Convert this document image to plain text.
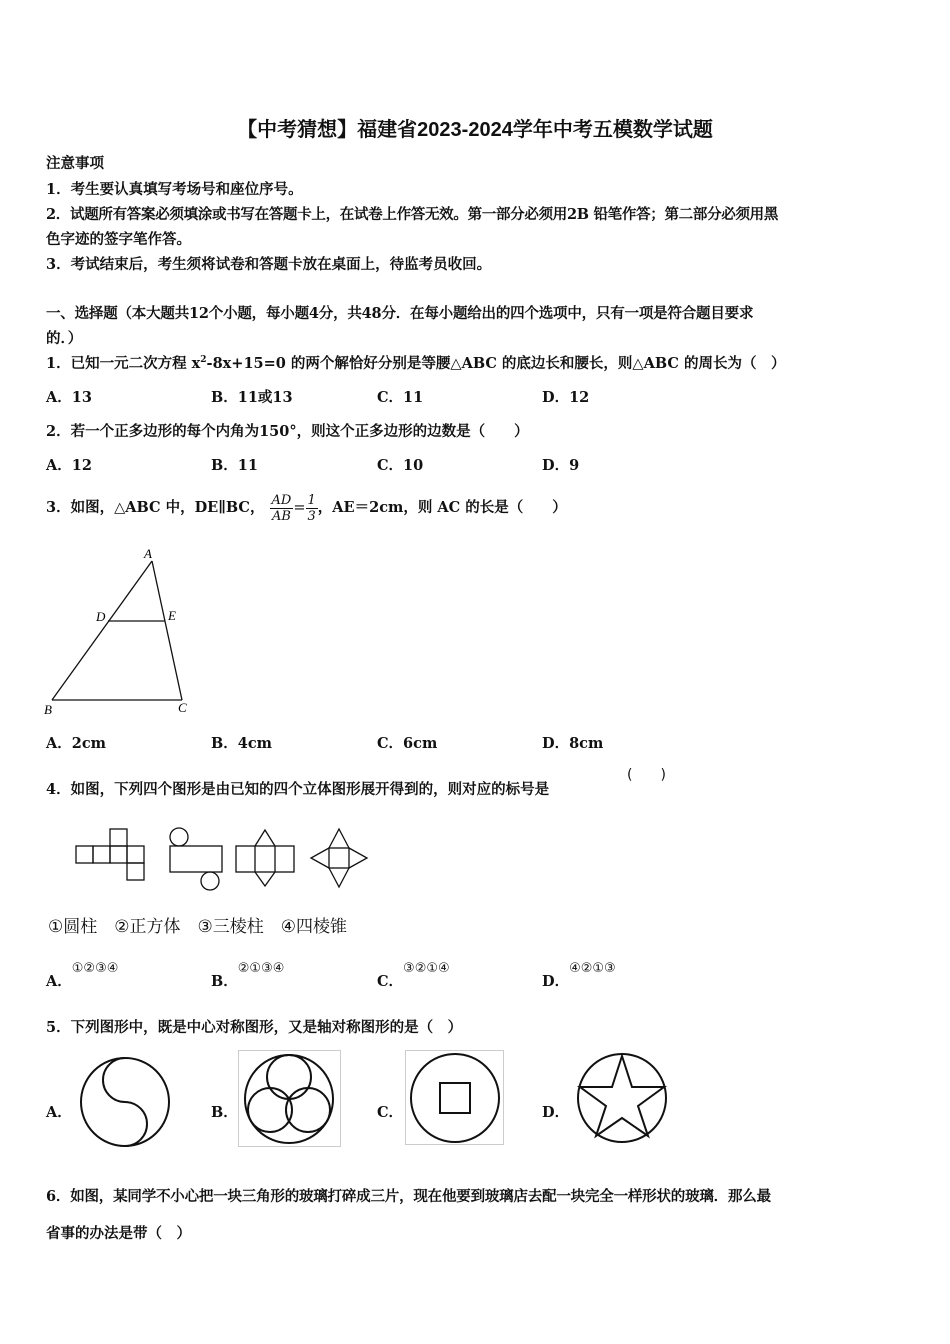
【中考猜想】福建省2023-2024学年中考五模数学试题
注意事项
1．考生要认真填写考场号和座位序号。
2．试题所有答案必须填涂或书写在答题卡上，在试卷上作答无效。第一部分必须用2B 铅笔作答；第二部分必须用黑
色字迹的签字笔作答。
3．考试结束后，考生须将试卷和答题卡放在桌面上，待监考员收回。
一、选择题（本大题共12个小题，每小题4分，共48分．在每小题给出的四个选项中，只有一项是符合题目要求
的．）
1．已知一元二次方程 $x^2-8x+15=0$ 的两个解恰好分别是等腰△ABC 的底边长和腰长，则△ABC 的周长为（　）
A．13	B．11或13	C．11	D．12
2．若一个正多边形的每个内角为150°，则这个正多边形的边数是（　　）
A．12	B．11	C．10	D．9
3．如图，△ABC 中，DE∥BC， $\frac{AD}{AB} = \frac{1}{3}$ ，AE＝2cm，则 AC 的长是（　　）
A
D	E
B	C
A．2cm	B．4cm	C．6cm	D．8cm
4．如图，下列四个图形是由已知的四个立体图形展开得到的，则对应的标号是
(　　)
①圆柱　②正方体　③三棱柱　④四棱锥
A．①②③④
B．②①③④
C．③②①④
D．④②①③
5．下列图形中，既是中心对称图形，又是轴对称图形的是（　）
A．	B．	C．	D．
6．如图，某同学不小心把一块三角形的玻璃打碎成三片，现在他要到玻璃店去配一块完全一样形状的玻璃．那么最
省事的办法是带（　）
